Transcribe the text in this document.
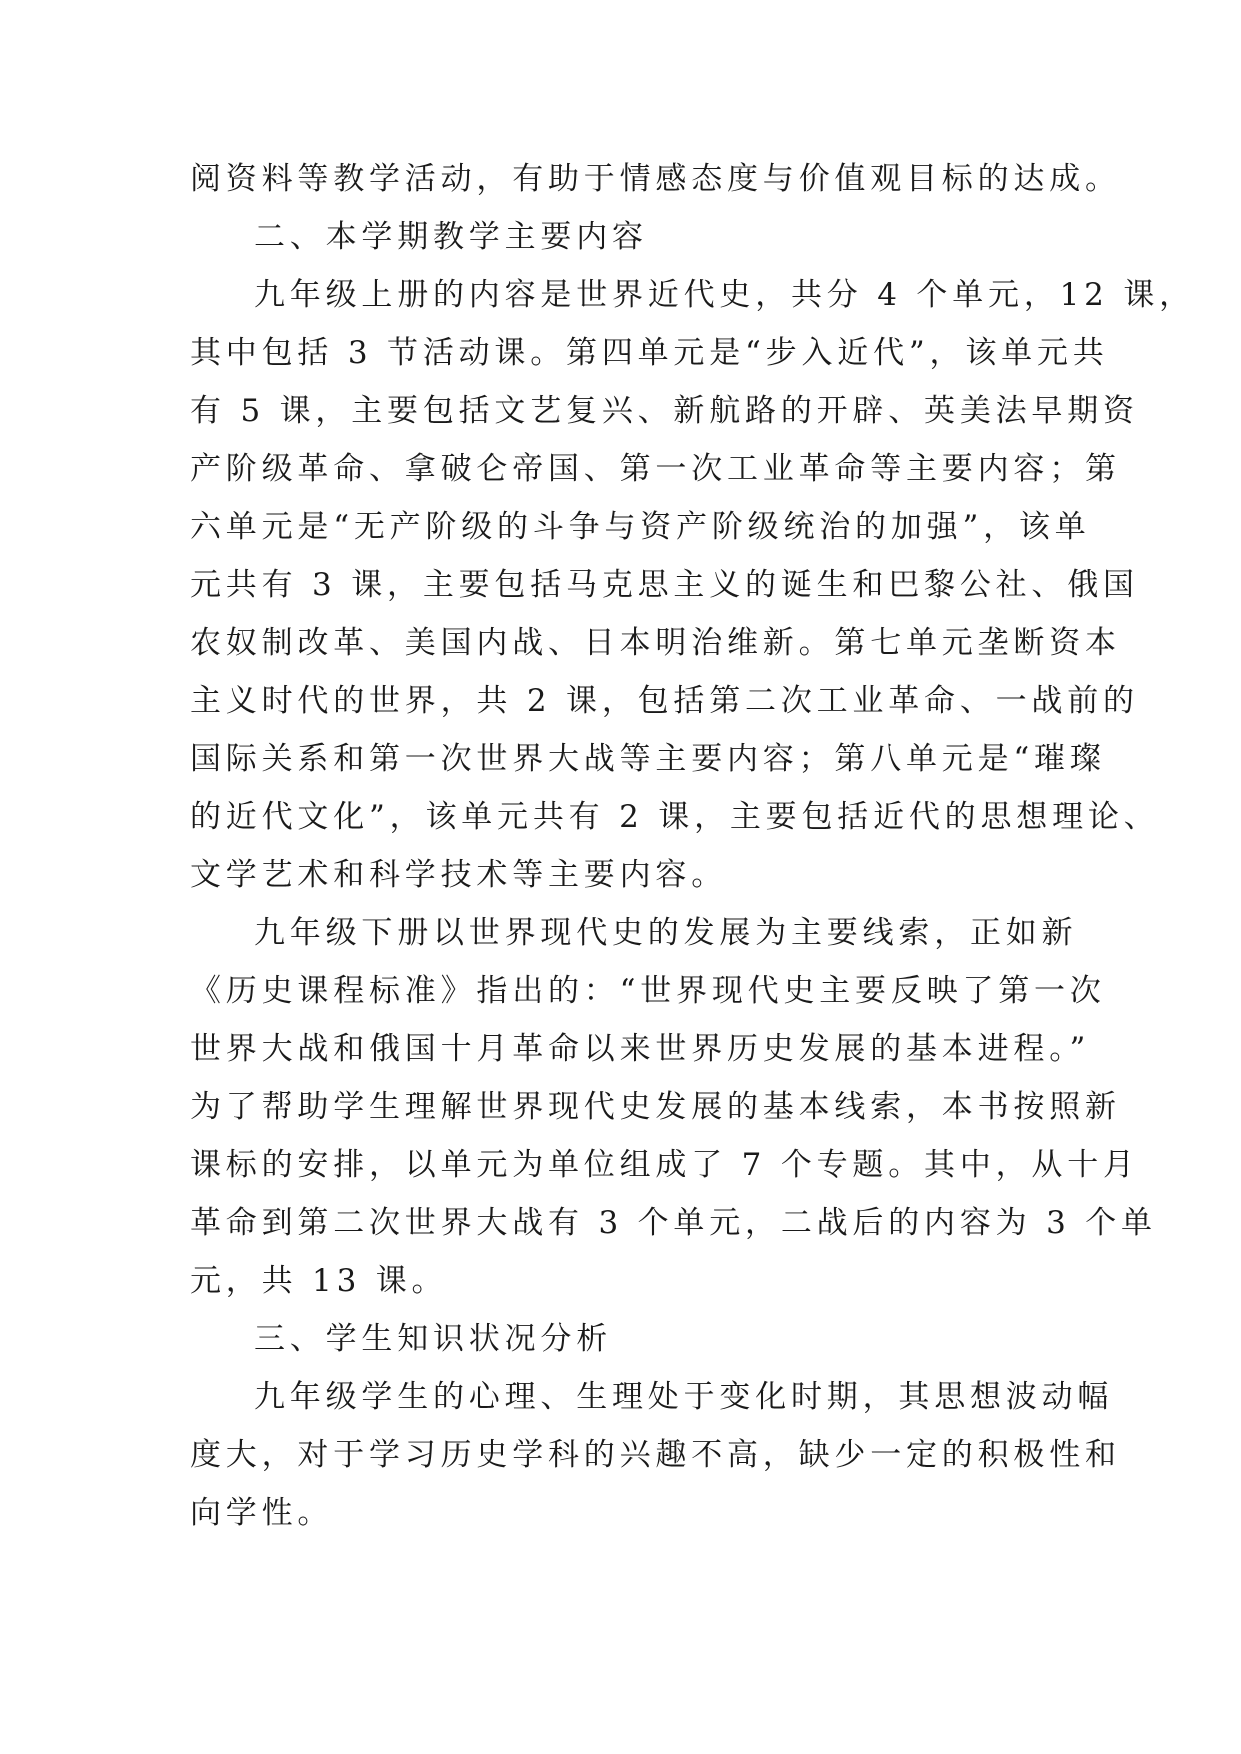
阅资料等教学活动，有助于情感态度与价值观目标的达成。
二、本学期教学主要内容
九年级上册的内容是世界近代史，共分 4 个单元，12 课，
其中包括 3 节活动课。第四单元是“步入近代”，该单元共
有 5 课，主要包括文艺复兴、新航路的开辟、英美法早期资
产阶级革命、拿破仑帝国、第一次工业革命等主要内容；第
六单元是“无产阶级的斗争与资产阶级统治的加强”，该单
元共有 3 课，主要包括马克思主义的诞生和巴黎公社、俄国
农奴制改革、美国内战、日本明治维新。第七单元垄断资本
主义时代的世界，共 2 课，包括第二次工业革命、一战前的
国际关系和第一次世界大战等主要内容；第八单元是“璀璨
的近代文化”，该单元共有 2 课，主要包括近代的思想理论、
文学艺术和科学技术等主要内容。
九年级下册以世界现代史的发展为主要线索，正如新
《历史课程标准》指出的：“世界现代史主要反映了第一次
世界大战和俄国十月革命以来世界历史发展的基本进程。”
为了帮助学生理解世界现代史发展的基本线索，本书按照新
课标的安排，以单元为单位组成了 7 个专题。其中，从十月
革命到第二次世界大战有 3 个单元，二战后的内容为 3 个单
元，共 13 课。
三、学生知识状况分析
九年级学生的心理、生理处于变化时期，其思想波动幅
度大，对于学习历史学科的兴趣不高，缺少一定的积极性和
向学性。
